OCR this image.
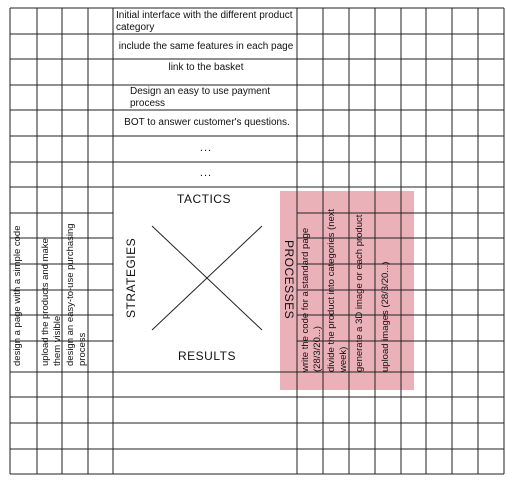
Initial interface with the different product category
include the same features in each page
link to the basket
Design an easy to use payment process
BOT to answer customer's questions.
...
...
TACTICS
RESULTS
STRATEGIES	PROCESSES
design a page with a simple code upload the products and make them visible design an easy-to-use purchasing process	write the code for a standard page (28/3/20...) divide the product into categories (next week) generate a 3D image or each product upload images (28/3/20...)
